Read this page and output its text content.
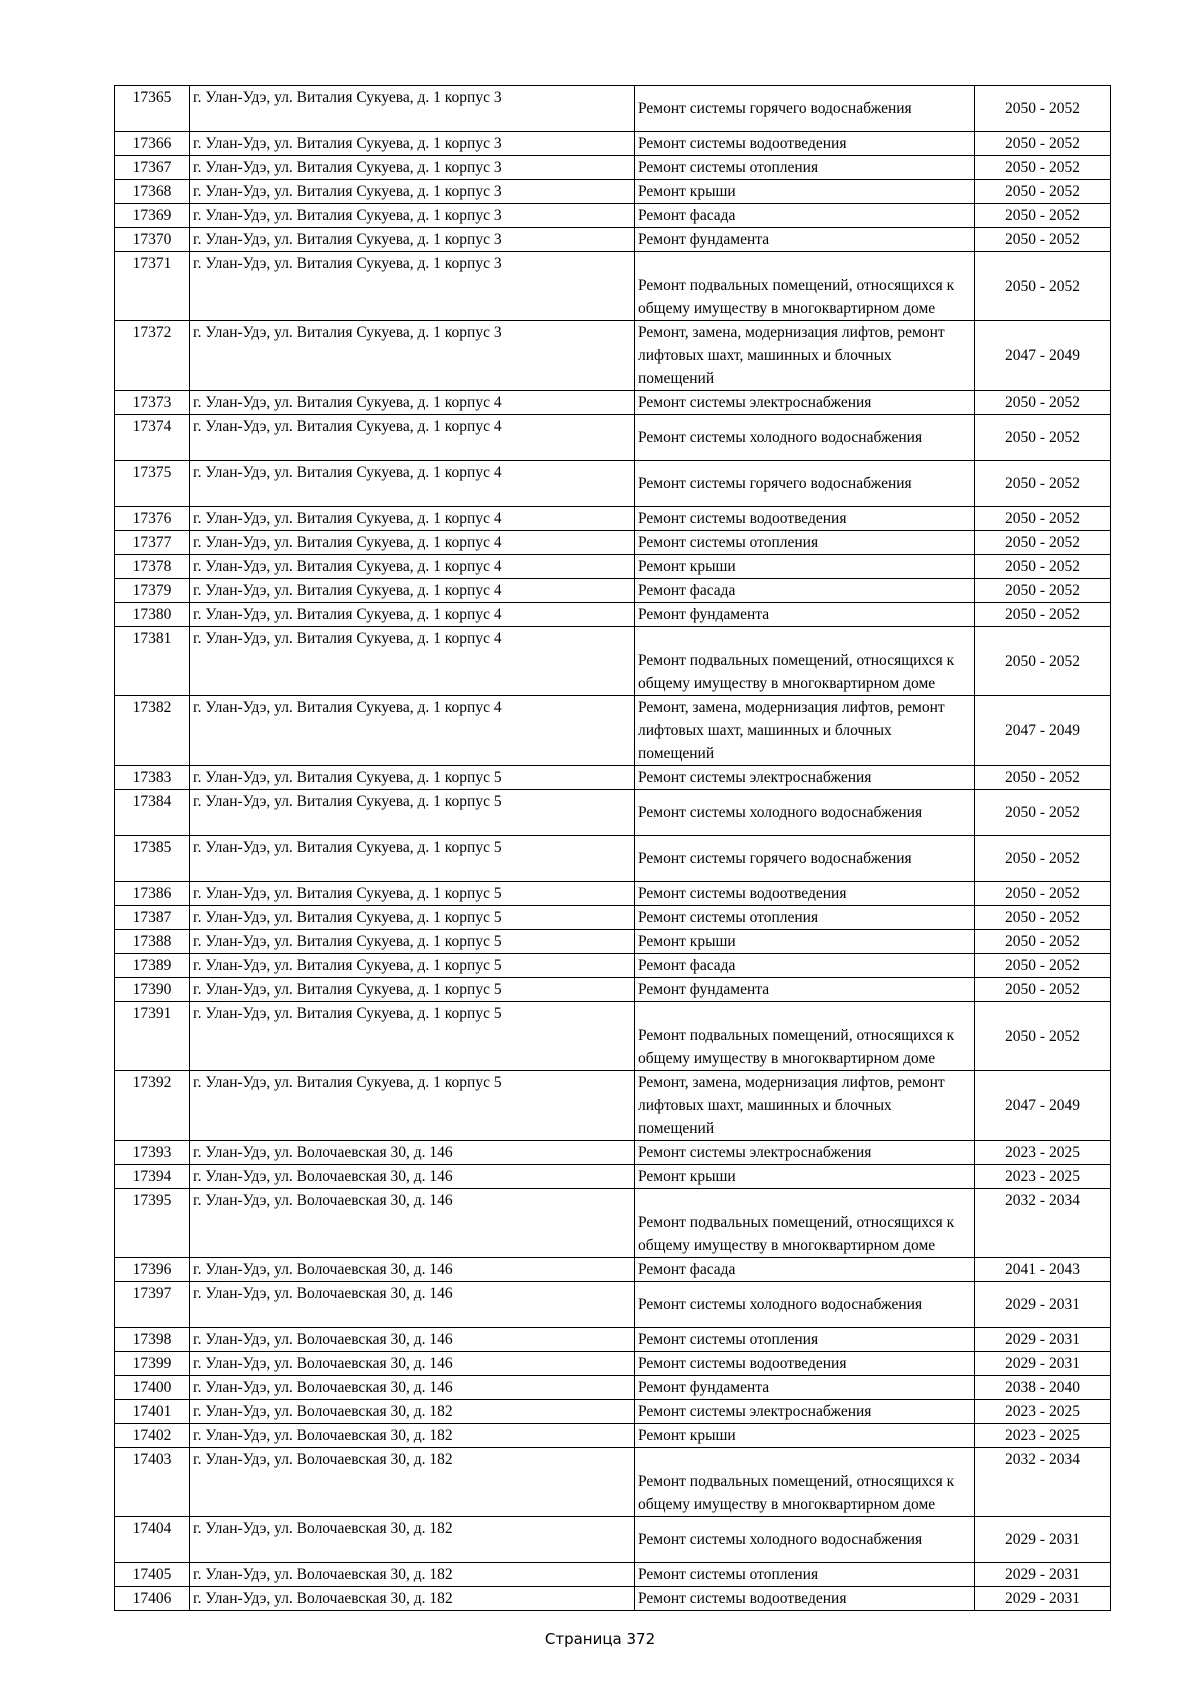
17365	г. Улан-Удэ, ул. Виталия Сукуева, д. 1 корпус 3	Ремонт системы горячего водоснабжения	2050 - 2052
17366	г. Улан-Удэ, ул. Виталия Сукуева, д. 1 корпус 3	Ремонт системы водоотведения	2050 - 2052
17367	г. Улан-Удэ, ул. Виталия Сукуева, д. 1 корпус 3	Ремонт системы отопления	2050 - 2052
17368	г. Улан-Удэ, ул. Виталия Сукуева, д. 1 корпус 3	Ремонт крыши	2050 - 2052
17369	г. Улан-Удэ, ул. Виталия Сукуева, д. 1 корпус 3	Ремонт фасада	2050 - 2052
17370	г. Улан-Удэ, ул. Виталия Сукуева, д. 1 корпус 3	Ремонт фундамента	2050 - 2052
17371	г. Улан-Удэ, ул. Виталия Сукуева, д. 1 корпус 3	Ремонт подвальных помещений, относящихся к общему имуществу в многоквартирном доме	2050 - 2052
17372	г. Улан-Удэ, ул. Виталия Сукуева, д. 1 корпус 3	Ремонт, замена, модернизация лифтов, ремонт лифтовых шахт, машинных и блочных помещений	2047 - 2049
17373	г. Улан-Удэ, ул. Виталия Сукуева, д. 1 корпус 4	Ремонт системы электроснабжения	2050 - 2052
17374	г. Улан-Удэ, ул. Виталия Сукуева, д. 1 корпус 4	Ремонт системы холодного водоснабжения	2050 - 2052
17375	г. Улан-Удэ, ул. Виталия Сукуева, д. 1 корпус 4	Ремонт системы горячего водоснабжения	2050 - 2052
17376	г. Улан-Удэ, ул. Виталия Сукуева, д. 1 корпус 4	Ремонт системы водоотведения	2050 - 2052
17377	г. Улан-Удэ, ул. Виталия Сукуева, д. 1 корпус 4	Ремонт системы отопления	2050 - 2052
17378	г. Улан-Удэ, ул. Виталия Сукуева, д. 1 корпус 4	Ремонт крыши	2050 - 2052
17379	г. Улан-Удэ, ул. Виталия Сукуева, д. 1 корпус 4	Ремонт фасада	2050 - 2052
17380	г. Улан-Удэ, ул. Виталия Сукуева, д. 1 корпус 4	Ремонт фундамента	2050 - 2052
17381	г. Улан-Удэ, ул. Виталия Сукуева, д. 1 корпус 4	Ремонт подвальных помещений, относящихся к общему имуществу в многоквартирном доме	2050 - 2052
17382	г. Улан-Удэ, ул. Виталия Сукуева, д. 1 корпус 4	Ремонт, замена, модернизация лифтов, ремонт лифтовых шахт, машинных и блочных помещений	2047 - 2049
17383	г. Улан-Удэ, ул. Виталия Сукуева, д. 1 корпус 5	Ремонт системы электроснабжения	2050 - 2052
17384	г. Улан-Удэ, ул. Виталия Сукуева, д. 1 корпус 5	Ремонт системы холодного водоснабжения	2050 - 2052
17385	г. Улан-Удэ, ул. Виталия Сукуева, д. 1 корпус 5	Ремонт системы горячего водоснабжения	2050 - 2052
17386	г. Улан-Удэ, ул. Виталия Сукуева, д. 1 корпус 5	Ремонт системы водоотведения	2050 - 2052
17387	г. Улан-Удэ, ул. Виталия Сукуева, д. 1 корпус 5	Ремонт системы отопления	2050 - 2052
17388	г. Улан-Удэ, ул. Виталия Сукуева, д. 1 корпус 5	Ремонт крыши	2050 - 2052
17389	г. Улан-Удэ, ул. Виталия Сукуева, д. 1 корпус 5	Ремонт фасада	2050 - 2052
17390	г. Улан-Удэ, ул. Виталия Сукуева, д. 1 корпус 5	Ремонт фундамента	2050 - 2052
17391	г. Улан-Удэ, ул. Виталия Сукуева, д. 1 корпус 5	Ремонт подвальных помещений, относящихся к общему имуществу в многоквартирном доме	2050 - 2052
17392	г. Улан-Удэ, ул. Виталия Сукуева, д. 1 корпус 5	Ремонт, замена, модернизация лифтов, ремонт лифтовых шахт, машинных и блочных помещений	2047 - 2049
17393	г. Улан-Удэ, ул. Волочаевская 30, д. 146	Ремонт системы электроснабжения	2023 - 2025
17394	г. Улан-Удэ, ул. Волочаевская 30, д. 146	Ремонт крыши	2023 - 2025
17395	г. Улан-Удэ, ул. Волочаевская 30, д. 146	Ремонт подвальных помещений, относящихся к общему имуществу в многоквартирном доме	2032 - 2034
17396	г. Улан-Удэ, ул. Волочаевская 30, д. 146	Ремонт фасада	2041 - 2043
17397	г. Улан-Удэ, ул. Волочаевская 30, д. 146	Ремонт системы холодного водоснабжения	2029 - 2031
17398	г. Улан-Удэ, ул. Волочаевская 30, д. 146	Ремонт системы отопления	2029 - 2031
17399	г. Улан-Удэ, ул. Волочаевская 30, д. 146	Ремонт системы водоотведения	2029 - 2031
17400	г. Улан-Удэ, ул. Волочаевская 30, д. 146	Ремонт фундамента	2038 - 2040
17401	г. Улан-Удэ, ул. Волочаевская 30, д. 182	Ремонт системы электроснабжения	2023 - 2025
17402	г. Улан-Удэ, ул. Волочаевская 30, д. 182	Ремонт крыши	2023 - 2025
17403	г. Улан-Удэ, ул. Волочаевская 30, д. 182	Ремонт подвальных помещений, относящихся к общему имуществу в многоквартирном доме	2032 - 2034
17404	г. Улан-Удэ, ул. Волочаевская 30, д. 182	Ремонт системы холодного водоснабжения	2029 - 2031
17405	г. Улан-Удэ, ул. Волочаевская 30, д. 182	Ремонт системы отопления	2029 - 2031
17406	г. Улан-Удэ, ул. Волочаевская 30, д. 182	Ремонт системы водоотведения	2029 - 2031
Страница 372
